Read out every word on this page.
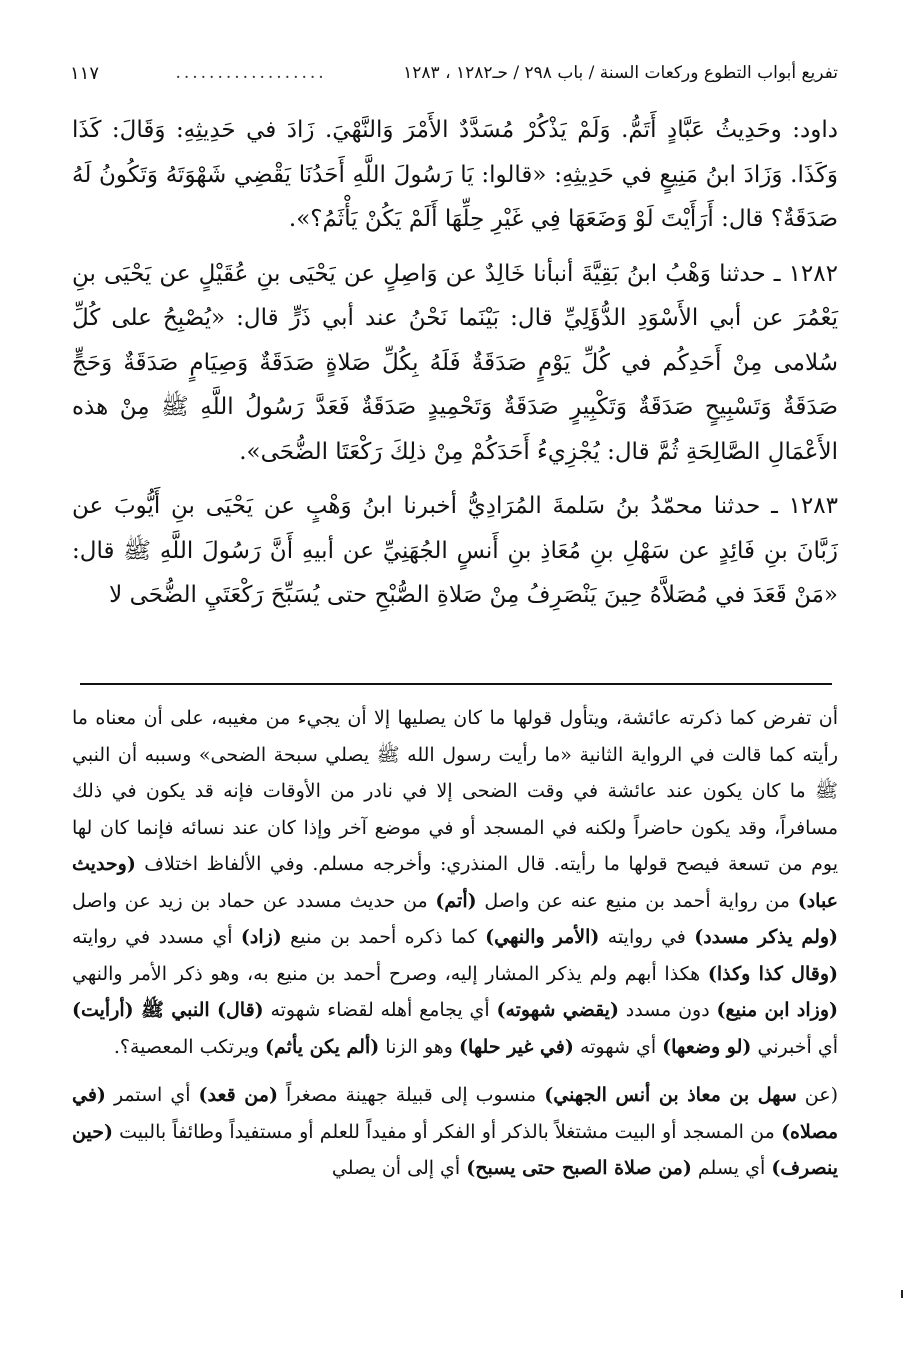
تفريع أبواب التطوع وركعات السنة / باب ٢٩٨ / حـ١٢٨٢ ، ١٢٨٣
..................
١١٧

داود: وحَدِيثُ عَبَّادٍ أَتَمُّ. وَلَمْ يَذْكُرْ مُسَدَّدٌ الأَمْرَ وَالنَّهْيَ. زَادَ في حَدِيثِهِ: وَقَالَ: كَذَا وَكَذَا. وَزَادَ ابنُ مَنِيعٍ في حَدِيثِهِ: «قالوا: يَا رَسُولَ اللَّهِ أَحَدُنَا يَقْضِي شَهْوَتَهُ وَتَكُونُ لَهُ صَدَقَةٌ؟ قال: أَرَأَيْتَ لَوْ وَضَعَهَا فِي غَيْرِ حِلِّهَا أَلَمْ يَكُنْ يَأْثَمُ؟».

١٢٨٢ ـ حدثنا وَهْبُ ابنُ بَقِيَّةَ أنبأنا خَالِدٌ عن وَاصِلٍ عن يَحْيَى بنِ عُقَيْلٍ عن يَحْيَى بنِ يَعْمُرَ عن أبي الأَسْوَدِ الدُّؤَلِيِّ قال: بَيْنَما نَحْنُ عند أبي ذَرٍّ قال: «يُصْبِحُ على كُلِّ سُلامى مِنْ أَحَدِكُم في كُلِّ يَوْمٍ صَدَقَةٌ فَلَهُ بِكُلِّ صَلاةٍ صَدَقَةٌ وَصِيَامٍ صَدَقَةٌ وَحَجٍّ صَدَقَةٌ وَتَسْبِيحٍ صَدَقَةٌ وَتَكْبِيرٍ صَدَقَةٌ وَتَحْمِيدٍ صَدَقَةٌ فَعَدَّ رَسُولُ اللَّهِ ﷺ مِنْ هذه الأَعْمَالِ الصَّالِحَةِ ثُمَّ قال: يُجْزِيءُ أَحَدَكُمْ مِنْ ذلِكَ رَكْعَتَا الضُّحَى».

١٢٨٣ ـ حدثنا محمّدُ بنُ سَلمةَ المُرَادِيُّ أخبرنا ابنُ وَهْبٍ عن يَحْيَى بنِ أَيُّوبَ عن زَبَّانَ بنِ فَائِدٍ عن سَهْلِ بنِ مُعَاذِ بنِ أَنسٍ الجُهَنِيِّ عن أبيهِ أَنَّ رَسُولَ اللَّهِ ﷺ قال: «مَنْ قَعَدَ في مُصَلاَّهُ حِينَ يَنْصَرِفُ مِنْ صَلاةِ الصُّبْحِ حتى يُسَبِّحَ رَكْعَتَيِ الضُّحَى لا

أن تفرض كما ذكرته عائشة، ويتأول قولها ما كان يصليها إلا أن يجيء من مغيبه، على أن معناه ما رأيته كما قالت في الرواية الثانية «ما رأيت رسول الله ﷺ يصلي سبحة الضحى» وسببه أن النبي ﷺ ما كان يكون عند عائشة في وقت الضحى إلا في نادر من الأوقات فإنه قد يكون في ذلك مسافراً، وقد يكون حاضراً ولكنه في المسجد أو في موضع آخر وإذا كان عند نسائه فإنما كان لها يوم من تسعة فيصح قولها ما رأيته. قال المنذري: وأخرجه مسلم. وفي الألفاظ اختلاف (وحديث عباد) من رواية أحمد بن منيع عنه عن واصل (أتم) من حديث مسدد عن حماد بن زيد عن واصل (ولم يذكر مسدد) في روايته (الأمر والنهي) كما ذكره أحمد بن منيع (زاد) أي مسدد في روايته (وقال كذا وكذا) هكذا أبهم ولم يذكر المشار إليه، وصرح أحمد بن منيع به، وهو ذكر الأمر والنهي (وزاد ابن منيع) دون مسدد (يقضي شهوته) أي يجامع أهله لقضاء شهوته (قال) النبي ﷺ (أرأيت) أي أخبرني (لو وضعها) أي شهوته (في غير حلها) وهو الزنا (ألم يكن يأثم) ويرتكب المعصية؟.

(عن سهل بن معاذ بن أنس الجهني) منسوب إلى قبيلة جهينة مصغراً (من قعد) أي استمر (في مصلاه) من المسجد أو البيت مشتغلاً بالذكر أو الفكر أو مفيداً للعلم أو مستفيداً وطائفاً بالبيت (حين ينصرف) أي يسلم (من صلاة الصبح حتى يسبح) أي إلى أن يصلي
